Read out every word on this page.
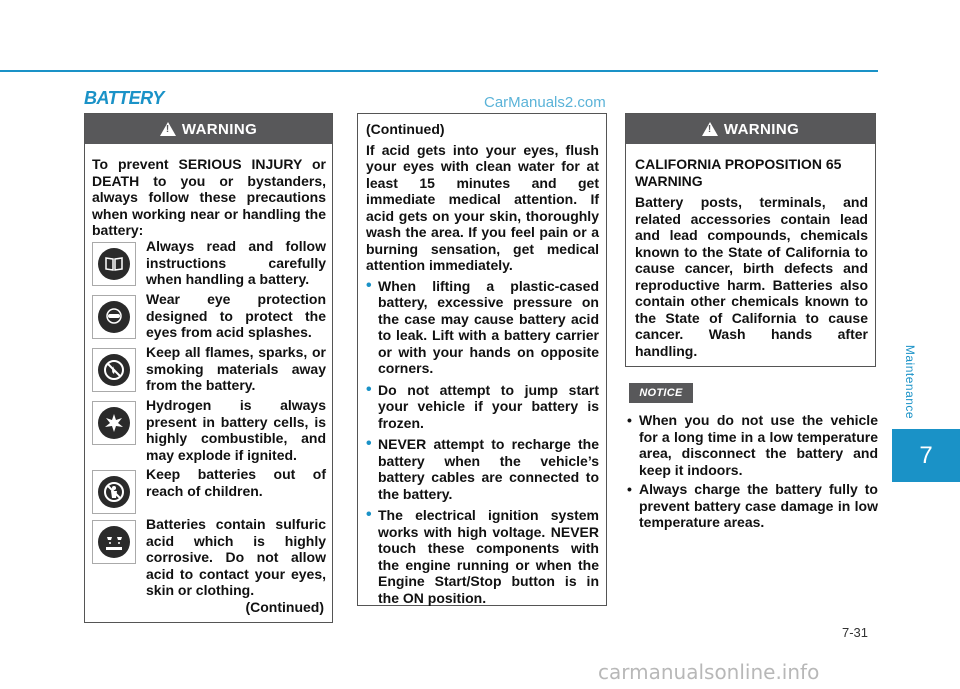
BATTERY	CarManuals2.com
Maintenance
7
!
WARNING
To prevent SERIOUS INJURY or DEATH to you or bystanders, always follow these precautions when working near or handling the battery:
Always read and follow instructions carefully when handling a battery.
Wear eye protection designed to protect the eyes from acid splashes.
Keep all flames, sparks, or smoking materials away from the battery.
Hydrogen is always present in battery cells, is highly combustible, and may explode if ignited.
Keep batteries out of reach of children.
Batteries contain sulfuric acid which is highly corrosive. Do not allow acid to contact your eyes, skin or clothing.
(Continued)

(Continued)

If acid gets into your eyes, flush your eyes with clean water for at least 15 minutes and get immediate medical attention. If acid gets on your skin, thoroughly wash the area. If you feel pain or a burning sensation, get medical attention immediately.

• When lifting a plastic-cased battery, excessive pressure on the case may cause battery acid to leak. Lift with a battery carrier or with your hands on opposite corners.
• Do not attempt to jump start your vehicle if your battery is frozen.
• NEVER attempt to recharge the battery when the vehicle’s battery cables are connected to the battery.
• The electrical ignition system works with high voltage. NEVER touch these components with the engine running or when the Engine Start/Stop button is in the ON position.
!
WARNING

CALIFORNIA PROPOSITION 65 WARNING

Battery posts, terminals, and related accessories contain lead and lead compounds, chemicals known to the State of California to cause cancer, birth defects and reproductive harm. Batteries also contain other chemicals known to the State of California to cause cancer. Wash hands after handling.

NOTICE
• When you do not use the vehicle for a long time in a low temperature area, disconnect the battery and keep it indoors.
• Always charge the battery fully to prevent battery case damage in low temperature areas.
7-31
carmanualsonline.info
